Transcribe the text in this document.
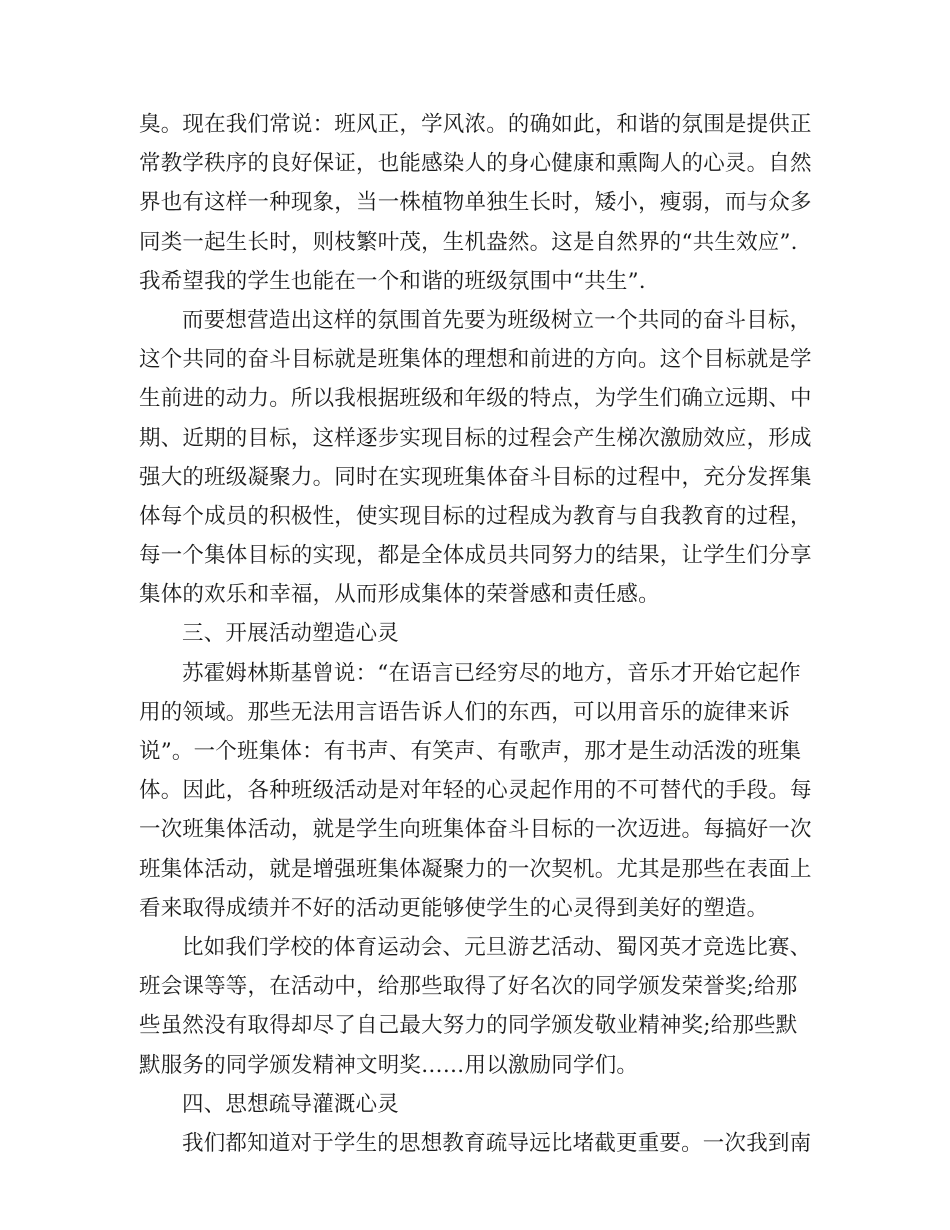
臭。现在我们常说：班风正，学风浓。的确如此，和谐的氛围是提供正
常教学秩序的良好保证，也能感染人的身心健康和熏陶人的心灵。自然
界也有这样一种现象，当一株植物单独生长时，矮小，瘦弱，而与众多
同类一起生长时，则枝繁叶茂，生机盎然。这是自然界的“共生效应”.
我希望我的学生也能在一个和谐的班级氛围中“共生”.
而要想营造出这样的氛围首先要为班级树立一个共同的奋斗目标，
这个共同的奋斗目标就是班集体的理想和前进的方向。这个目标就是学
生前进的动力。所以我根据班级和年级的特点，为学生们确立远期、中
期、近期的目标，这样逐步实现目标的过程会产生梯次激励效应，形成
强大的班级凝聚力。同时在实现班集体奋斗目标的过程中，充分发挥集
体每个成员的积极性，使实现目标的过程成为教育与自我教育的过程，
每一个集体目标的实现，都是全体成员共同努力的结果，让学生们分享
集体的欢乐和幸福，从而形成集体的荣誉感和责任感。
三、开展活动塑造心灵
苏霍姆林斯基曾说：“在语言已经穷尽的地方，音乐才开始它起作
用的领域。那些无法用言语告诉人们的东西，可以用音乐的旋律来诉
说”。一个班集体：有书声、有笑声、有歌声，那才是生动活泼的班集
体。因此，各种班级活动是对年轻的心灵起作用的不可替代的手段。每
一次班集体活动，就是学生向班集体奋斗目标的一次迈进。每搞好一次
班集体活动，就是增强班集体凝聚力的一次契机。尤其是那些在表面上
看来取得成绩并不好的活动更能够使学生的心灵得到美好的塑造。
比如我们学校的体育运动会、元旦游艺活动、蜀冈英才竞选比赛、
班会课等等，在活动中，给那些取得了好名次的同学颁发荣誉奖;给那
些虽然没有取得却尽了自己最大努力的同学颁发敬业精神奖;给那些默
默服务的同学颁发精神文明奖……用以激励同学们。
四、思想疏导灌溉心灵
我们都知道对于学生的思想教育疏导远比堵截更重要。一次我到南
